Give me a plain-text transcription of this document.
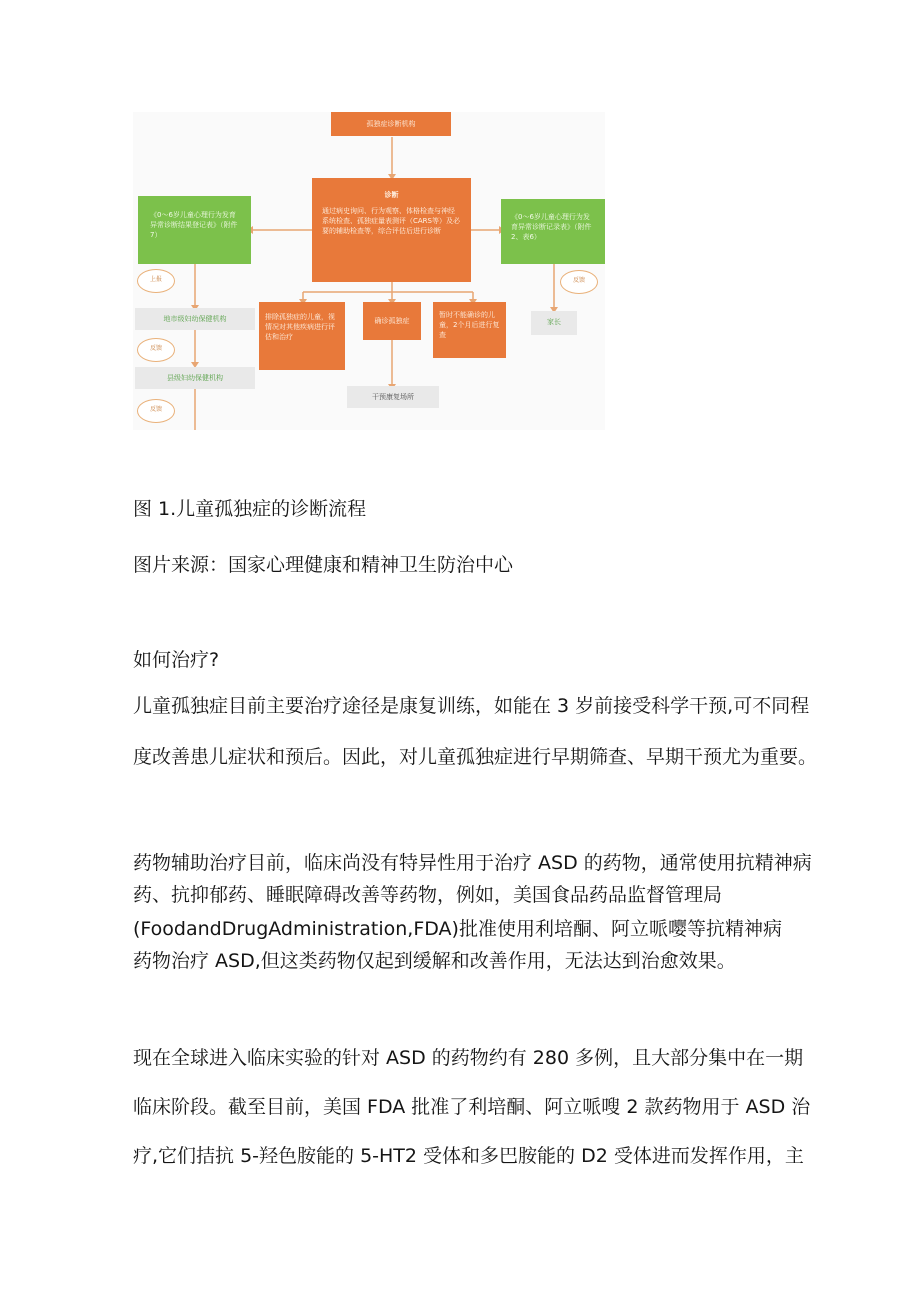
孤独症诊断机构
诊断
通过病史询问、行为观察、体格检查与神经系统检查、孤独症量表测评（CARS等）及必要的辅助检查等，综合评估后进行诊断
《0～6岁儿童心理行为发育异常诊断结果登记表》（附件7）
《0～6岁儿童心理行为发育异常诊断记录表》（附件2、表6）
排除孤独症的儿童，视情况对其他疾病进行评估和治疗
确诊孤独症
暂时不能确诊的儿童，2个月后进行复查
干预康复场所
地市级妇幼保健机构
县级妇幼保健机构
家长
上报
反馈
反馈
反馈
图 1.儿童孤独症的诊断流程
图片来源：国家心理健康和精神卫生防治中心
如何治疗?
儿童孤独症目前主要治疗途径是康复训练，如能在 3 岁前接受科学干预,可不同程
度改善患儿症状和预后。因此，对儿童孤独症进行早期筛查、早期干预尤为重要。
药物辅助治疗目前，临床尚没有特异性用于治疗 ASD 的药物，通常使用抗精神病
药、抗抑郁药、睡眠障碍改善等药物，例如，美国食品药品监督管理局
(FoodandDrugAdministration,FDA)批准使用利培酮、阿立哌嘤等抗精神病
药物治疗 ASD,但这类药物仅起到缓解和改善作用，无法达到治愈效果。
现在全球进入临床实验的针对 ASD 的药物约有 280 多例，且大部分集中在一期
临床阶段。截至目前，美国 FDA 批准了利培酮、阿立哌嗖 2 款药物用于 ASD 治
疗,它们拮抗 5-羟色胺能的 5-HT2 受体和多巴胺能的 D2 受体进而发挥作用，主
